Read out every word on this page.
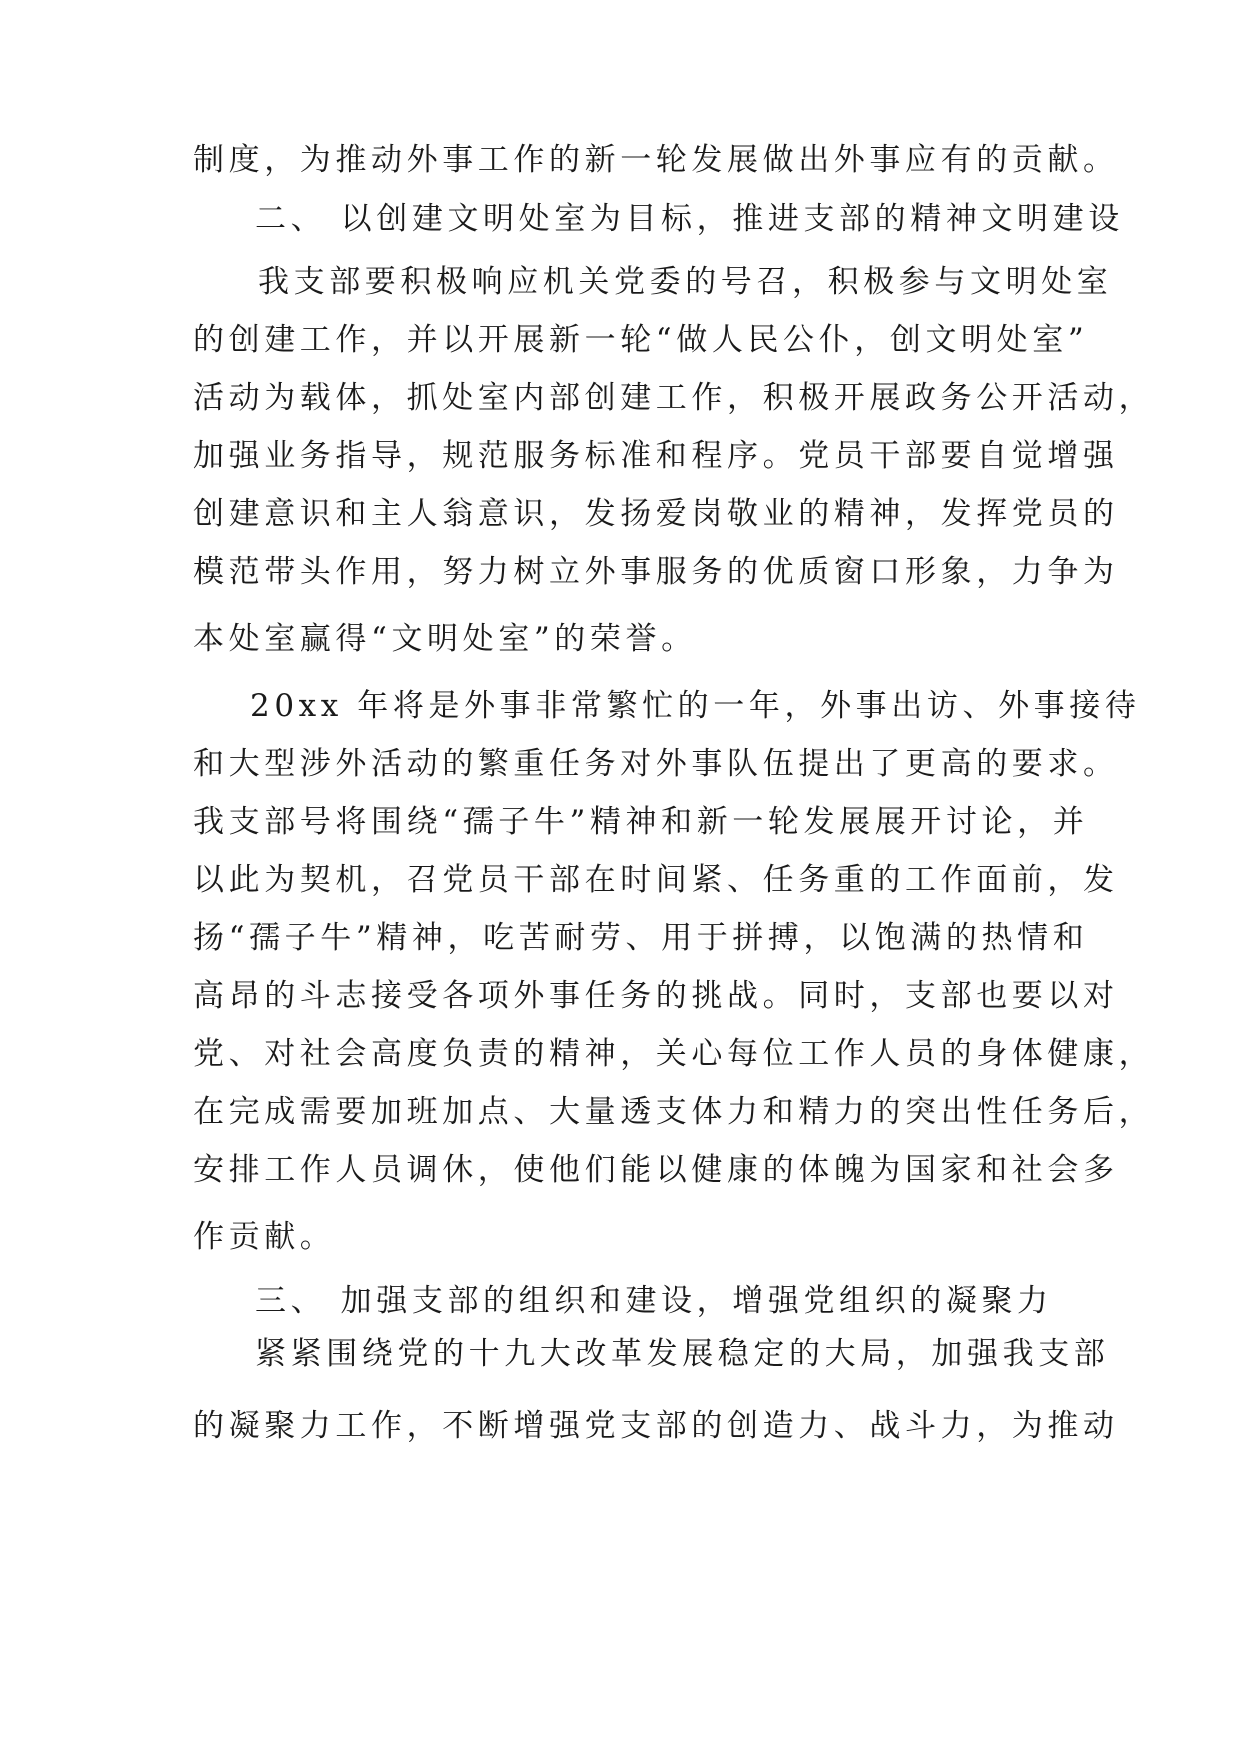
制度，为推动外事工作的新一轮发展做出外事应有的贡献。
二、 以创建文明处室为目标，推进支部的精神文明建设
我支部要积极响应机关党委的号召，积极参与文明处室
的创建工作，并以开展新一轮“做人民公仆，创文明处室”
活动为载体，抓处室内部创建工作，积极开展政务公开活动，
加强业务指导，规范服务标准和程序。党员干部要自觉增强
创建意识和主人翁意识，发扬爱岗敬业的精神，发挥党员的
模范带头作用，努力树立外事服务的优质窗口形象，力争为
本处室赢得“文明处室”的荣誉。
20xx 年将是外事非常繁忙的一年，外事出访、外事接待
和大型涉外活动的繁重任务对外事队伍提出了更高的要求。
我支部号将围绕“孺子牛”精神和新一轮发展展开讨论，并
以此为契机，召党员干部在时间紧、任务重的工作面前，发
扬“孺子牛”精神，吃苦耐劳、用于拼搏，以饱满的热情和
高昂的斗志接受各项外事任务的挑战。同时，支部也要以对
党、对社会高度负责的精神，关心每位工作人员的身体健康，
在完成需要加班加点、大量透支体力和精力的突出性任务后，
安排工作人员调休，使他们能以健康的体魄为国家和社会多
作贡献。
三、 加强支部的组织和建设，增强党组织的凝聚力
紧紧围绕党的十九大改革发展稳定的大局，加强我支部
的凝聚力工作，不断增强党支部的创造力、战斗力，为推动
